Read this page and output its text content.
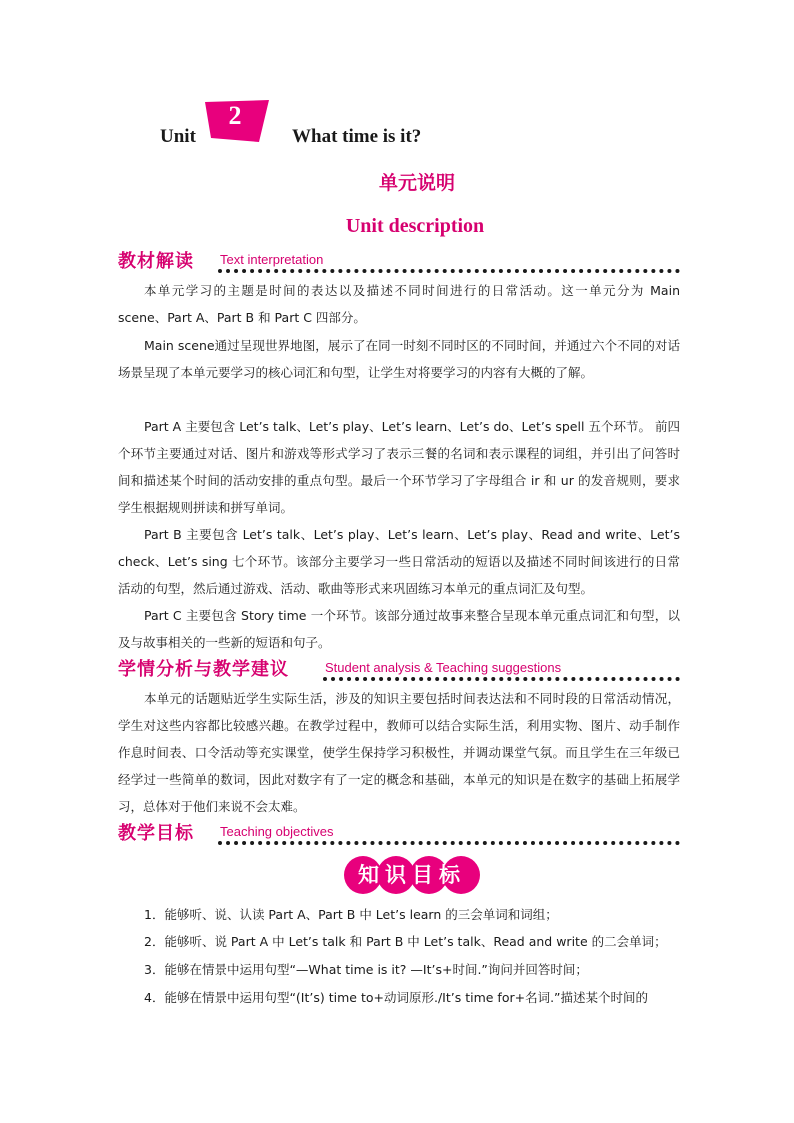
Unit
2
What time is it?
单元说明
Unit description
教材解读 Text interpretation

本单元学习的主题是时间的表达以及描述不同时间进行的日常活动。这一单元分为 Main scene、Part A、Part B 和 Part C 四部分。

Main scene通过呈现世界地图，展示了在同一时刻不同时区的不同时间，并通过六个不同的对话场景呈现了本单元要学习的核心词汇和句型，让学生对将要学习的内容有大概的了解。

Part A 主要包含 Let’s talk、Let’s play、Let’s learn、Let’s do、Let’s spell 五个环节。 前四个环节主要通过对话、图片和游戏等形式学习了表示三餐的名词和表示课程的词组，并引出了问答时间和描述某个时间的活动安排的重点句型。最后一个环节学习了字母组合 ir 和 ur 的发音规则，要求学生根据规则拼读和拼写单词。

Part B 主要包含 Let’s talk、Let’s play、Let’s learn、Let’s play、Read and write、Let’s check、Let’s sing 七个环节。该部分主要学习一些日常活动的短语以及描述不同时间该进行的日常活动的句型，然后通过游戏、活动、歌曲等形式来巩固练习本单元的重点词汇及句型。

Part C 主要包含 Story time 一个环节。该部分通过故事来整合呈现本单元重点词汇和句型，以及与故事相关的一些新的短语和句子。

学情分析与教学建议	Student analysis & Teaching suggestions

本单元的话题贴近学生实际生活，涉及的知识主要包括时间表达法和不同时段的日常活动情况，学生对这些内容都比较感兴趣。在教学过程中，教师可以结合实际生活，利用实物、图片、动手制作作息时间表、口令活动等充实课堂，使学生保持学习积极性，并调动课堂气氛。而且学生在三年级已经学过一些简单的数词，因此对数字有了一定的概念和基础，本单元的知识是在数字的基础上拓展学习，总体对于他们来说不会太难。

教学目标 Teaching objectives
知识目标
1．能够听、说、认读 Part A、Part B 中 Let’s learn 的三会单词和词组；
2．能够听、说 Part A 中 Let’s talk 和 Part B 中 Let’s talk、Read and write 的二会单词；
3．能够在情景中运用句型“—What time is it? —It’s+时间.”询问并回答时间；
4．能够在情景中运用句型“(It’s) time to+动词原形./It’s time for+名词.”描述某个时间的
